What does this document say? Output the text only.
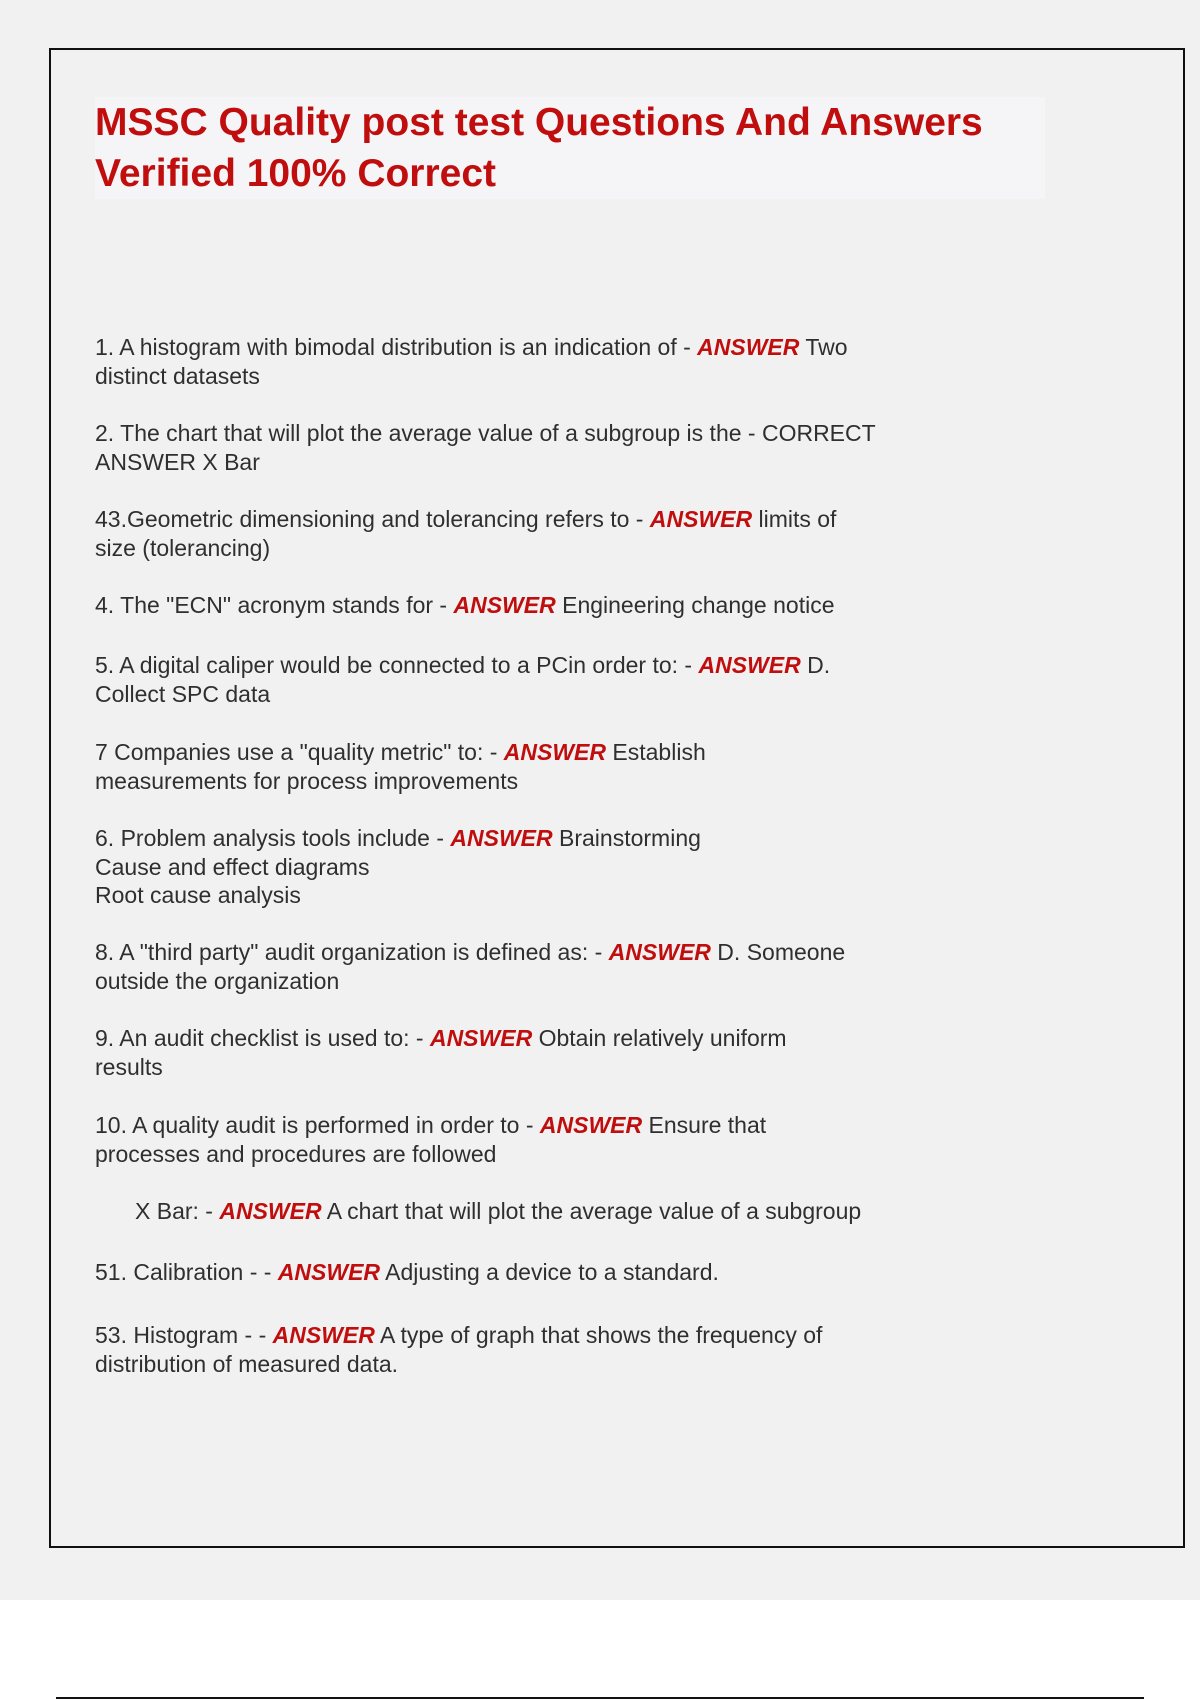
MSSC Quality post test Questions And Answers Verified 100% Correct
1. A histogram with bimodal distribution is an indication of - ANSWER Two
distinct datasets
2. The chart that will plot the average value of a subgroup is the - CORRECT
ANSWER X Bar
43.Geometric dimensioning and tolerancing refers to - ANSWER limits of
size (tolerancing)
4. The "ECN" acronym stands for - ANSWER Engineering change notice
5. A digital caliper would be connected to a PCin order to: - ANSWER D.
Collect SPC data
7 Companies use a "quality metric" to: - ANSWER Establish
measurements for process improvements
6. Problem analysis tools include - ANSWER Brainstorming
Cause and effect diagrams
Root cause analysis
8. A "third party" audit organization is defined as: - ANSWER D. Someone
outside the organization
9. An audit checklist is used to: - ANSWER Obtain relatively uniform
results
10. A quality audit is performed in order to - ANSWER Ensure that
processes and procedures are followed
X Bar: - ANSWER A chart that will plot the average value of a subgroup
51. Calibration - - ANSWER Adjusting a device to a standard.
53. Histogram - - ANSWER A type of graph that shows the frequency of
distribution of measured data.
